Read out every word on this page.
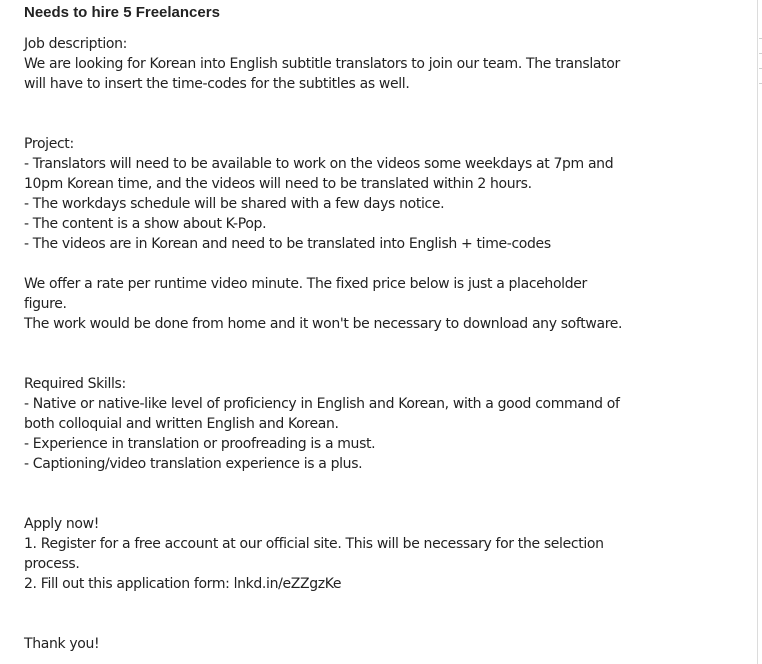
Needs to hire 5 Freelancers
Job description:
We are looking for Korean into English subtitle translators to join our team. The translator
will have to insert the time-codes for the subtitles as well.
Project:
- Translators will need to be available to work on the videos some weekdays at 7pm and
10pm Korean time, and the videos will need to be translated within 2 hours.
- The workdays schedule will be shared with a few days notice.
- The content is a show about K-Pop.
- The videos are in Korean and need to be translated into English + time-codes
We offer a rate per runtime video minute. The fixed price below is just a placeholder
figure.
The work would be done from home and it won't be necessary to download any software.
Required Skills:
- Native or native-like level of proficiency in English and Korean, with a good command of
both colloquial and written English and Korean.
- Experience in translation or proofreading is a must.
- Captioning/video translation experience is a plus.
Apply now!
1. Register for a free account at our official site. This will be necessary for the selection
process.
2. Fill out this application form: lnkd.in/eZZgzKe
Thank you!
